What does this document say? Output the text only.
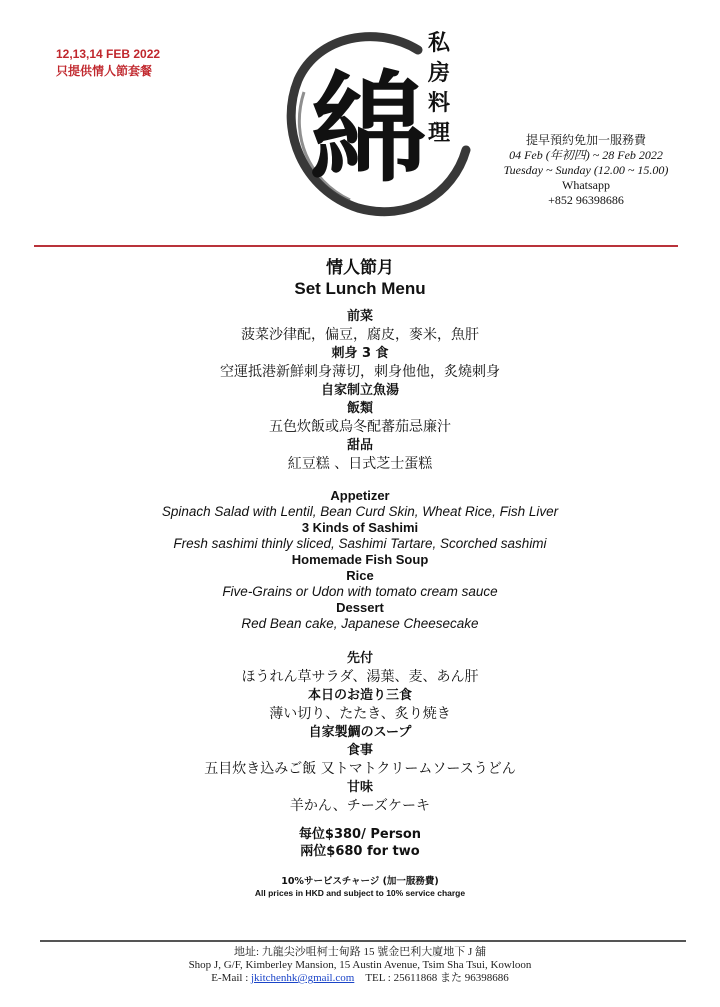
12,13,14 FEB 2022
只提供情人節套餐	綿
私
房
料
理	提早預約免加一服務費
04 Feb (年初四) ~ 28 Feb 2022
Tuesday ~ Sunday (12.00 ~ 15.00)
Whatsapp
+852 96398686
情人節月
Set Lunch Menu
前菜
菠菜沙律配，偏豆，腐皮，麥米，魚肝
刺身 3 食
空運抵港新鮮刺身薄切，刺身他他，炙燒刺身
自家制立魚湯
飯類
五色炊飯或烏冬配蕃茄忌廉汁
甜品
紅豆糕 、日式芝士蛋糕
Appetizer
Spinach Salad with Lentil, Bean Curd Skin, Wheat Rice, Fish Liver
3 Kinds of Sashimi
Fresh sashimi thinly sliced, Sashimi Tartare, Scorched sashimi
Homemade Fish Soup
Rice
Five-Grains or Udon with tomato cream sauce
Dessert
Red Bean cake, Japanese Cheesecake
先付
ほうれん草サラダ、湯葉、麦、あん肝
本日のお造り三食
薄い切り、たたき、炙り焼き
自家製鯛のスープ
食事
五目炊き込みご飯 又トマトクリームソースうどん
甘味
羊かん、チーズケーキ
每位$380/ Person
兩位$680 for two
10%サービスチャージ (加一服務費)
All prices in HKD and subject to 10% service charge
地址: 九龍尖沙咀柯士甸路 15 號金巴利大廈地下 J 舖
Shop J, G/F, Kimberley Mansion, 15 Austin Avenue, Tsim Sha Tsui, Kowloon
E-Mail : jkitchenhk@gmail.com TEL : 25611868 また 96398686
